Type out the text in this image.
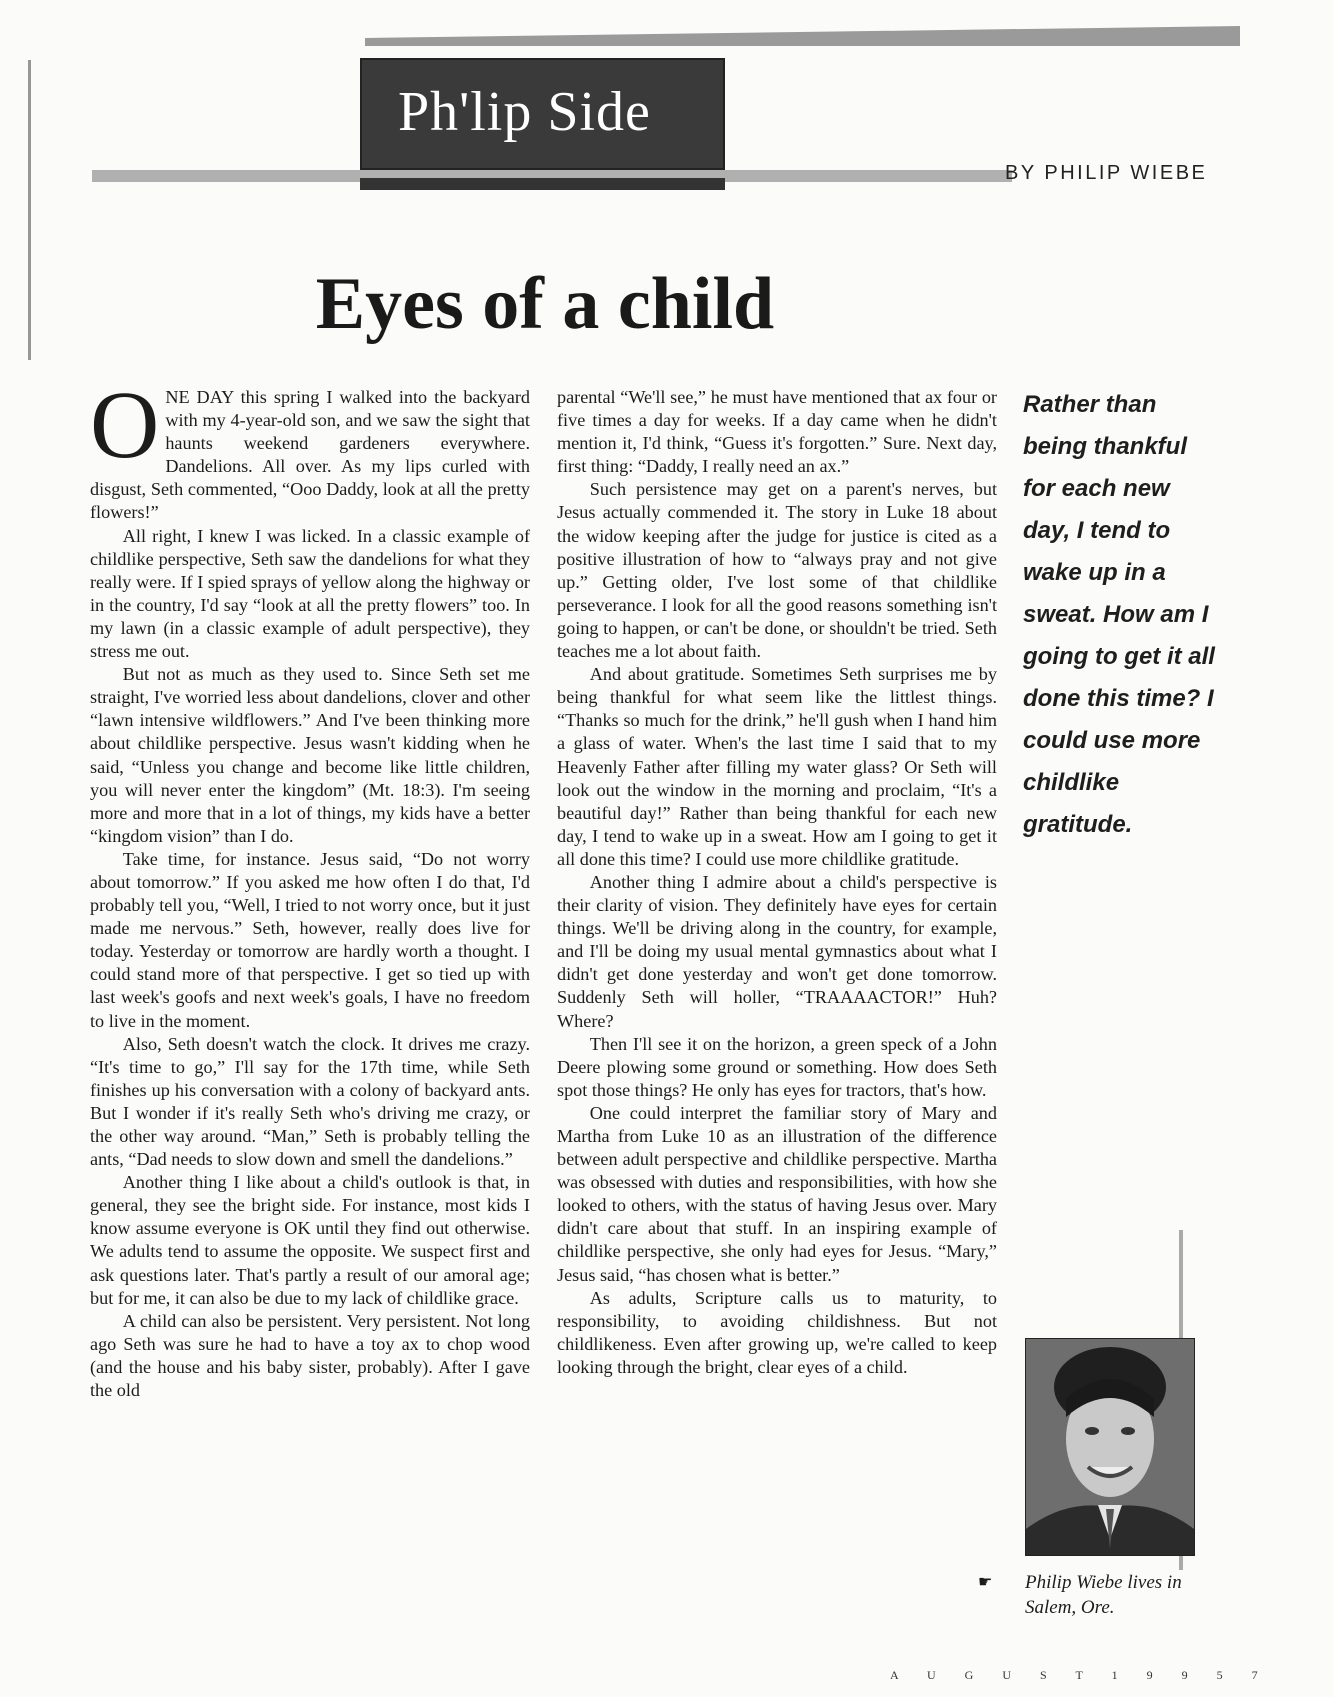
Ph'lip Side
BY PHILIP WIEBE
Eyes of a child

ONE DAY this spring I walked into the backyard with my 4-year-old son, and we saw the sight that haunts weekend gardeners everywhere. Dandelions. All over. As my lips curled with disgust, Seth commented, “Ooo Daddy, look at all the pretty flowers!”

All right, I knew I was licked. In a classic example of childlike perspective, Seth saw the dandelions for what they really were. If I spied sprays of yellow along the highway or in the country, I'd say “look at all the pretty flowers” too. In my lawn (in a classic example of adult perspective), they stress me out.

But not as much as they used to. Since Seth set me straight, I've worried less about dandelions, clover and other “lawn intensive wildflowers.” And I've been thinking more about childlike perspective. Jesus wasn't kidding when he said, “Unless you change and become like little children, you will never enter the kingdom” (Mt. 18:3). I'm seeing more and more that in a lot of things, my kids have a better “kingdom vision” than I do.

Take time, for instance. Jesus said, “Do not worry about tomorrow.” If you asked me how often I do that, I'd probably tell you, “Well, I tried to not worry once, but it just made me nervous.” Seth, however, really does live for today. Yesterday or tomorrow are hardly worth a thought. I could stand more of that perspective. I get so tied up with last week's goofs and next week's goals, I have no freedom to live in the moment.

Also, Seth doesn't watch the clock. It drives me crazy. “It's time to go,” I'll say for the 17th time, while Seth finishes up his conversation with a colony of backyard ants. But I wonder if it's really Seth who's driving me crazy, or the other way around. “Man,” Seth is probably telling the ants, “Dad needs to slow down and smell the dandelions.”

Another thing I like about a child's outlook is that, in general, they see the bright side. For instance, most kids I know assume everyone is OK until they find out otherwise. We adults tend to assume the opposite. We suspect first and ask questions later. That's partly a result of our amoral age; but for me, it can also be due to my lack of childlike grace.

A child can also be persistent. Very persistent. Not long ago Seth was sure he had to have a toy ax to chop wood (and the house and his baby sister, probably). After I gave the old

parental “We'll see,” he must have mentioned that ax four or five times a day for weeks. If a day came when he didn't mention it, I'd think, “Guess it's forgotten.” Sure. Next day, first thing: “Daddy, I really need an ax.”

Such persistence may get on a parent's nerves, but Jesus actually commended it. The story in Luke 18 about the widow keeping after the judge for justice is cited as a positive illustration of how to “always pray and not give up.” Getting older, I've lost some of that childlike perseverance. I look for all the good reasons something isn't going to happen, or can't be done, or shouldn't be tried. Seth teaches me a lot about faith.

And about gratitude. Sometimes Seth surprises me by being thankful for what seem like the littlest things. “Thanks so much for the drink,” he'll gush when I hand him a glass of water. When's the last time I said that to my Heavenly Father after filling my water glass? Or Seth will look out the window in the morning and proclaim, “It's a beautiful day!” Rather than being thankful for each new day, I tend to wake up in a sweat. How am I going to get it all done this time? I could use more childlike gratitude.

Another thing I admire about a child's perspective is their clarity of vision. They definitely have eyes for certain things. We'll be driving along in the country, for example, and I'll be doing my usual mental gymnastics about what I didn't get done yesterday and won't get done tomorrow. Suddenly Seth will holler, “TRAAAACTOR!” Huh? Where?

Then I'll see it on the horizon, a green speck of a John Deere plowing some ground or something. How does Seth spot those things? He only has eyes for tractors, that's how.

One could interpret the familiar story of Mary and Martha from Luke 10 as an illustration of the difference between adult perspective and childlike perspective. Martha was obsessed with duties and responsibilities, with how she looked to others, with the status of having Jesus over. Mary didn't care about that stuff. In an inspiring example of childlike perspective, she only had eyes for Jesus. “Mary,” Jesus said, “has chosen what is better.”

As adults, Scripture calls us to maturity, to responsibility, to avoiding childishness. But not childlikeness. Even after growing up, we're called to keep looking through the bright, clear eyes of a child.

☛
Rather than being thankful for each new day, I tend to wake up in a sweat. How am I going to get it all done this time? I could use more childlike gratitude.
Philip Wiebe lives in Salem, Ore.
A U G U S T 1 9 9 5 7
